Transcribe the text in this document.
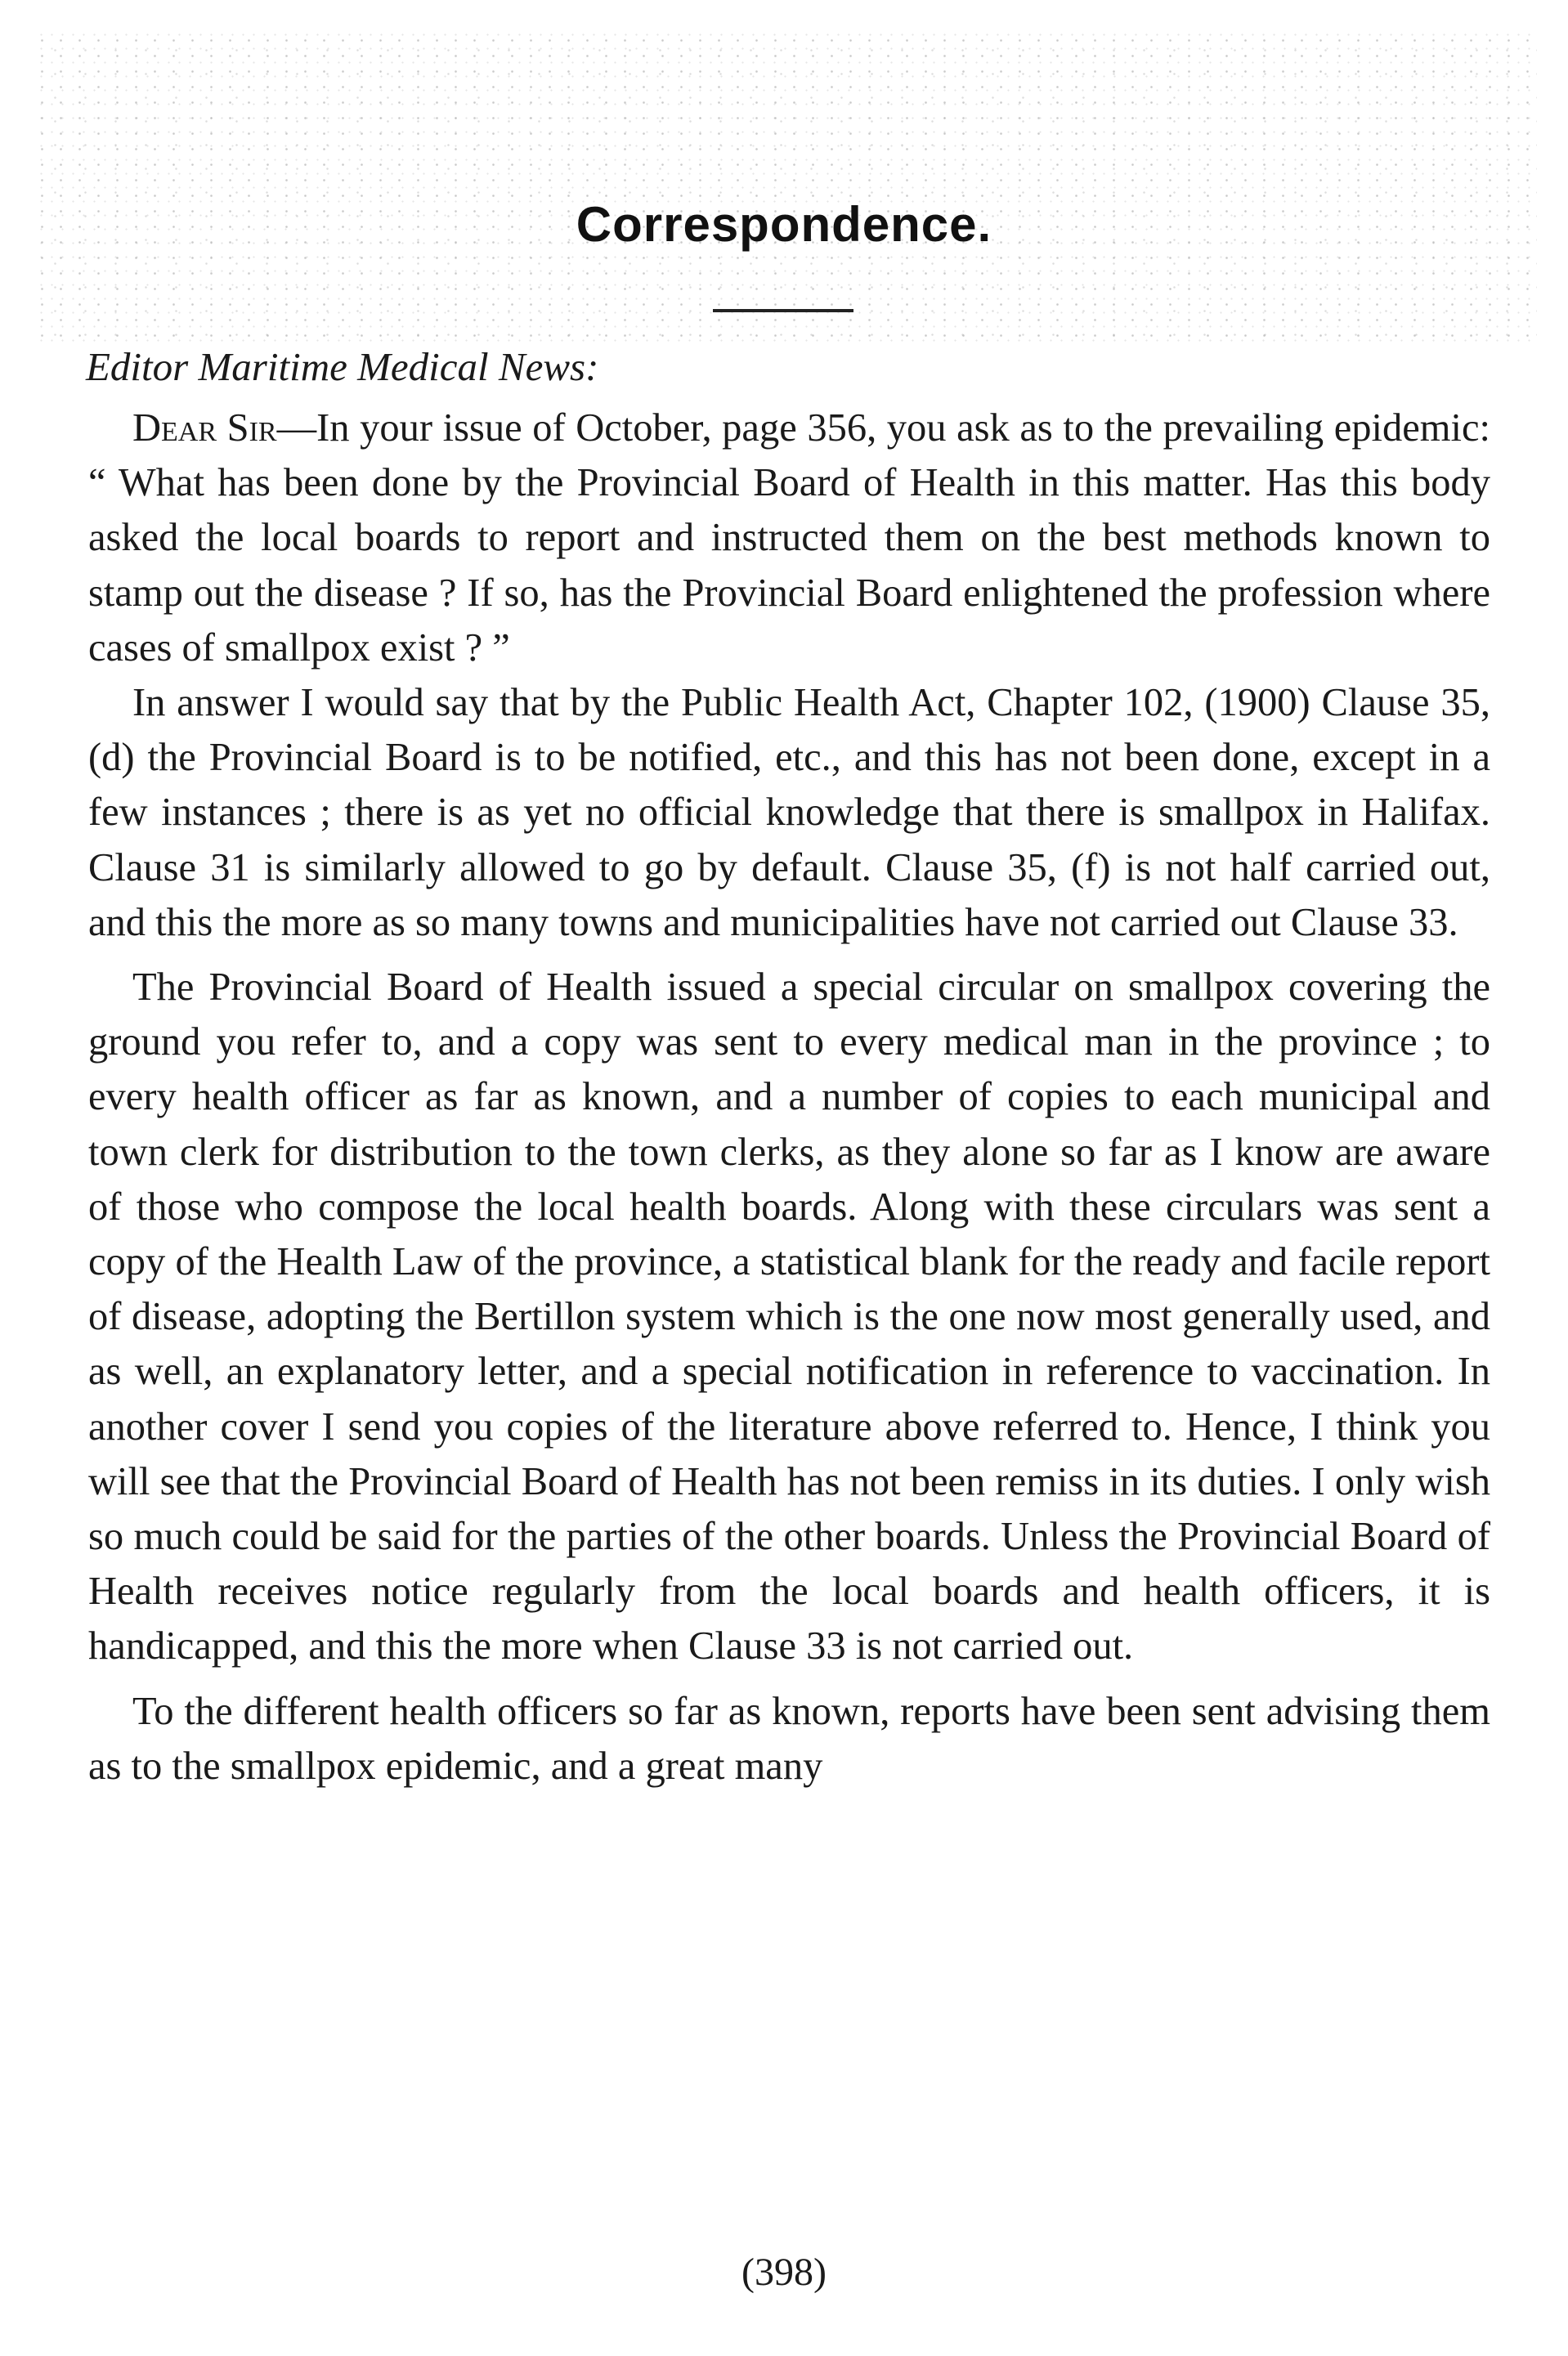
Correspondence.
Editor Maritime Medical News:

Dear Sir—In your issue of October, page 356, you ask as to the prevailing epidemic: “ What has been done by the Provincial Board of Health in this matter. Has this body asked the local boards to report and instructed them on the best methods known to stamp out the disease ? If so, has the Provincial Board enlightened the profession where cases of smallpox exist ? ”

In answer I would say that by the Public Health Act, Chapter 102, (1900) Clause 35, (d) the Provincial Board is to be notified, etc., and this has not been done, except in a few instances ; there is as yet no official knowledge that there is smallpox in Halifax. Clause 31 is similarly allowed to go by default. Clause 35, (f) is not half carried out, and this the more as so many towns and municipalities have not carried out Clause 33.

The Provincial Board of Health issued a special circular on smallpox covering the ground you refer to, and a copy was sent to every medical man in the province ; to every health officer as far as known, and a number of copies to each municipal and town clerk for distribution to the town clerks, as they alone so far as I know are aware of those who compose the local health boards. Along with these circulars was sent a copy of the Health Law of the province, a statistical blank for the ready and facile report of disease, adopting the Bertillon system which is the one now most generally used, and as well, an explanatory letter, and a special notification in reference to vaccination. In another cover I send you copies of the literature above referred to. Hence, I think you will see that the Provincial Board of Health has not been remiss in its duties. I only wish so much could be said for the parties of the other boards. Unless the Provincial Board of Health receives notice regularly from the local boards and health officers, it is handicapped, and this the more when Clause 33 is not carried out.

To the different health officers so far as known, reports have been sent advising them as to the smallpox epidemic, and a great many

(398)
